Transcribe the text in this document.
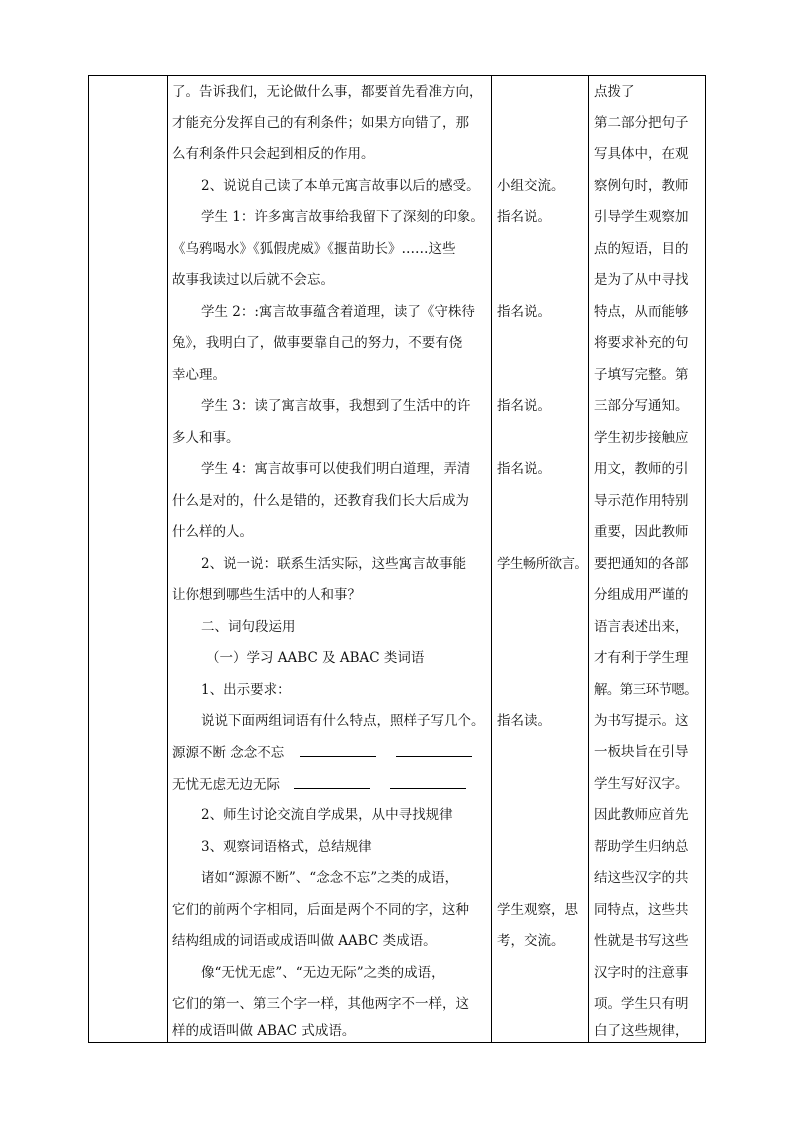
了。告诉我们，无论做什么事，都要首先看准方向，
才能充分发挥自己的有利条件；如果方向错了，那
么有利条件只会起到相反的作用。
2、说说自己读了本单元寓言故事以后的感受。
学生 1：许多寓言故事给我留下了深刻的印象。
《乌鸦喝水》《狐假虎威》《揠苗助长》……这些
故事我读过以后就不会忘。
学生 2：:寓言故事蕴含着道理，读了《守株待
兔》，我明白了，做事要靠自己的努力，不要有侥
幸心理。
学生 3：读了寓言故事，我想到了生活中的许
多人和事。
学生 4：寓言故事可以使我们明白道理，弄清
什么是对的，什么是错的，还教育我们长大后成为
什么样的人。
2、说一说：联系生活实际，这些寓言故事能
让你想到哪些生活中的人和事？
二、词句段运用
（一）学习 AABC 及 ABAC 类词语
1、出示要求：
说说下面两组词语有什么特点，照样子写几个。
源源不断 念念不忘
无忧无虑无边无际
2、师生讨论交流自学成果，从中寻找规律
3、观察词语格式，总结规律
诸如“源源不断”、“念念不忘”之类的成语，
它们的前两个字相同，后面是两个不同的字，这种
结构组成的词语或成语叫做 AABC 类成语。
像“无忧无虑”、“无边无际”之类的成语，
它们的第一、第三个字一样，其他两字不一样，这
样的成语叫做 ABAC 式成语。
小组交流。
指名说。
指名说。
指名说。
指名说。
学生畅所欲言。
指名读。
学生观察，思
考，交流。
点拨了
第二部分把句子
写具体中，在观
察例句时，教师
引导学生观察加
点的短语，目的
是为了从中寻找
特点，从而能够
将要求补充的句
子填写完整。第
三部分写通知。
学生初步接触应
用文，教师的引
导示范作用特别
重要，因此教师
要把通知的各部
分组成用严谨的
语言表述出来，
才有利于学生理
解。第三环节嗯。
为书写提示。这
一板块旨在引导
学生写好汉字。
因此教师应首先
帮助学生归纳总
结这些汉字的共
同特点，这些共
性就是书写这些
汉字时的注意事
项。学生只有明
白了这些规律，
